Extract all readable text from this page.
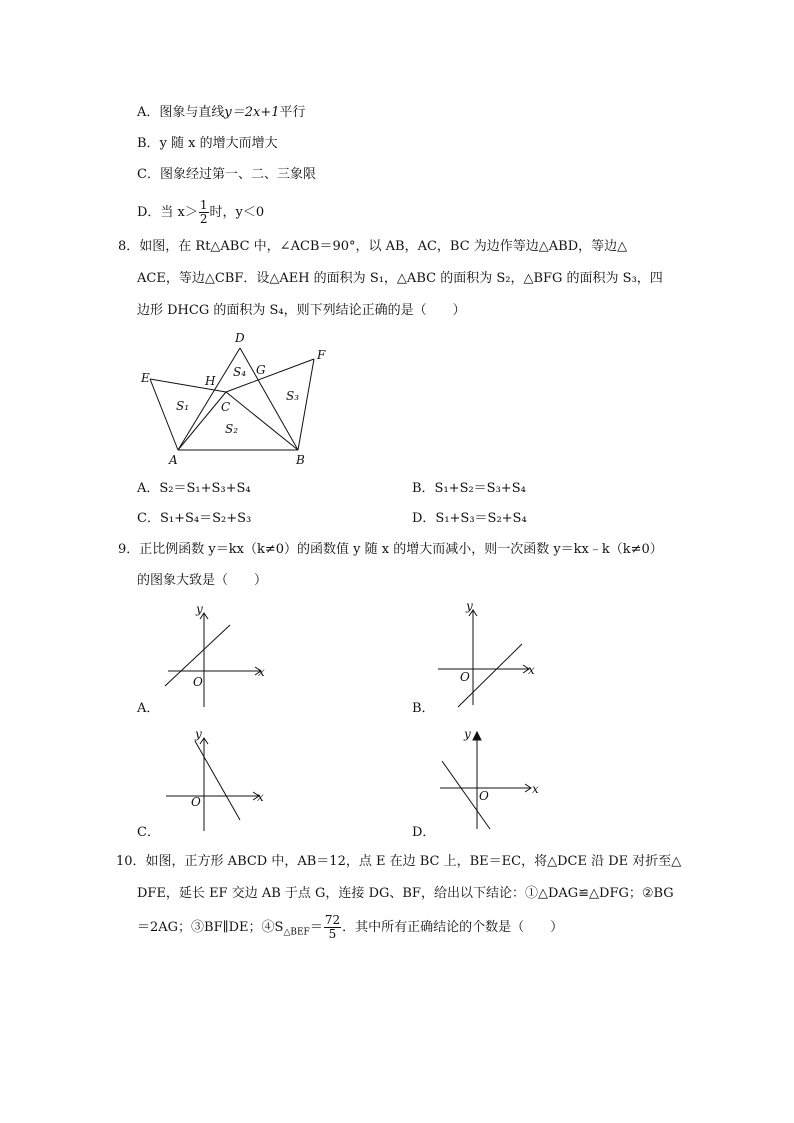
A．图象与直线y＝2x+1平行
B．y 随 x 的增大而增大
C．图象经过第一、二、三象限
D．当 $x> \frac{1}{2}$ 时，y＜0
8．如图，在 Rt△ABC 中，∠ACB＝90°，以 AB，AC，BC 为边作等边△ABD，等边△
ACE，等边△CBF．设△AEH 的面积为 S₁，△ABC 的面积为 S₂，△BFG 的面积为 S₃，四
边形 DHCG 的面积为 S₄，则下列结论正确的是（　　）
D
E
F
H
G
C
A	B
S₁
S₂
S₃
S₄
A．S₂＝S₁+S₃+S₄	B．S₁+S₂＝S₃+S₄
C．S₁+S₄＝S₂+S₃	D．S₁+S₃＝S₂+S₄
9．正比例函数 y＝kx（k≠0）的函数值 y 随 x 的增大而减小，则一次函数 y＝kx﹣k（k≠0）
的图象大致是（　　）
x
y
O
A．
x
y
O
B．
x
y
O
C．
x
y
O
D．
10．如图，正方形 ABCD 中，AB＝12，点 E 在边 BC 上，BE＝EC，将△DCE 沿 DE 对折至△
DFE，延长 EF 交边 AB 于点 G，连接 DG、BF，给出以下结论：①△DAG≌△DFG；②BG
＝2AG；③BF∥DE；$④S_{\triangle BEF}= \frac{72}{5}$ ．其中所有正确结论的个数是（　　）
